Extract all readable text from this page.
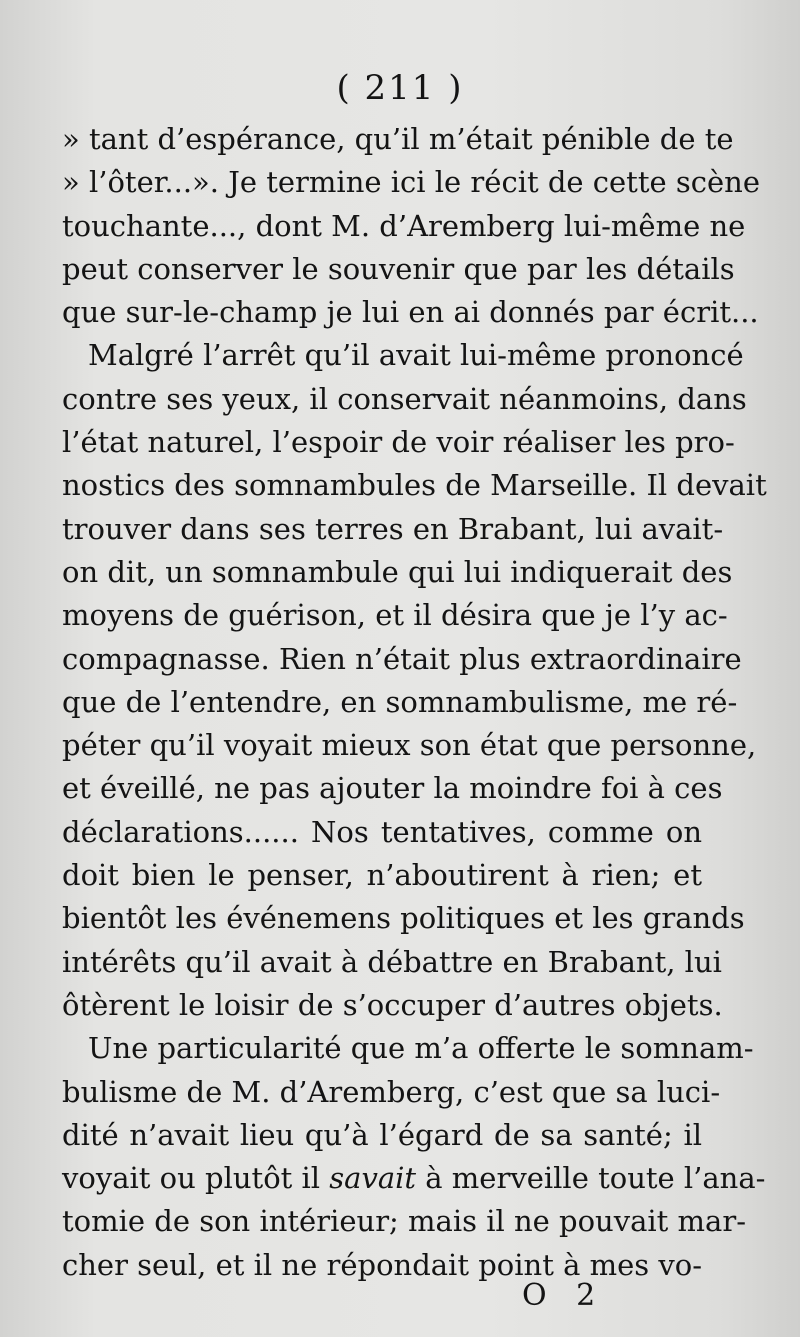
( 211 )
» tant d’espérance, qu’il m’était pénible de te
» l’ôter...». Je termine ici le récit de cette scène
touchante..., dont M. d’Aremberg lui-même ne
peut conserver le souvenir que par les détails
que sur-le-champ je lui en ai donnés par écrit...
Malgré l’arrêt qu’il avait lui-même prononcé
contre ses yeux, il conservait néanmoins, dans
l’état naturel, l’espoir de voir réaliser les pro-
nostics des somnambules de Marseille. Il devait
trouver dans ses terres en Brabant, lui avait-
on dit, un somnambule qui lui indiquerait des
moyens de guérison, et il désira que je l’y ac-
compagnasse. Rien n’était plus extraordinaire
que de l’entendre, en somnambulisme, me ré-
péter qu’il voyait mieux son état que personne,
et éveillé, ne pas ajouter la moindre foi à ces
déclarations...... Nos tentatives, comme on
doit bien le penser, n’aboutirent à rien; et
bientôt les événemens politiques et les grands
intérêts qu’il avait à débattre en Brabant, lui
ôtèrent le loisir de s’occuper d’autres objets.
Une particularité que m’a offerte le somnam-
bulisme de M. d’Aremberg, c’est que sa luci-
dité n’avait lieu qu’à l’égard de sa santé; il
voyait ou plutôt il savait à merveille toute l’ana-
tomie de son intérieur; mais il ne pouvait mar-
cher seul, et il ne répondait point à mes vo-
O 2
